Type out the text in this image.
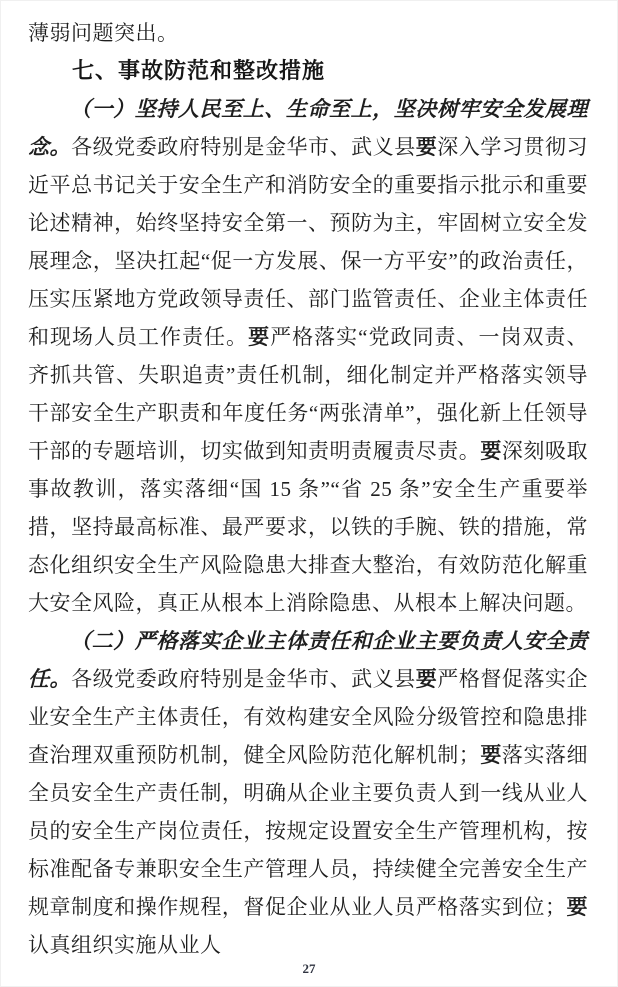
薄弱问题突出。

七、事故防范和整改措施

（一）坚持人民至上、生命至上，坚决树牢安全发展理念。各级党委政府特别是金华市、武义县要深入学习贯彻习近平总书记关于安全生产和消防安全的重要指示批示和重要论述精神，始终坚持安全第一、预防为主，牢固树立安全发展理念，坚决扛起“促一方发展、保一方平安”的政治责任，压实压紧地方党政领导责任、部门监管责任、企业主体责任和现场人员工作责任。要严格落实“党政同责、一岗双责、齐抓共管、失职追责”责任机制，细化制定并严格落实领导干部安全生产职责和年度任务“两张清单”，强化新上任领导干部的专题培训，切实做到知责明责履责尽责。要深刻吸取事故教训，落实落细“国 15 条”“省 25 条”安全生产重要举措，坚持最高标准、最严要求，以铁的手腕、铁的措施，常态化组织安全生产风险隐患大排查大整治，有效防范化解重大安全风险，真正从根本上消除隐患、从根本上解决问题。

（二）严格落实企业主体责任和企业主要负责人安全责任。各级党委政府特别是金华市、武义县要严格督促落实企业安全生产主体责任，有效构建安全风险分级管控和隐患排查治理双重预防机制，健全风险防范化解机制；要落实落细全员安全生产责任制，明确从企业主要负责人到一线从业人员的安全生产岗位责任，按规定设置安全生产管理机构，按标准配备专兼职安全生产管理人员，持续健全完善安全生产规章制度和操作规程，督促企业从业人员严格落实到位；要认真组织实施从业人

27
